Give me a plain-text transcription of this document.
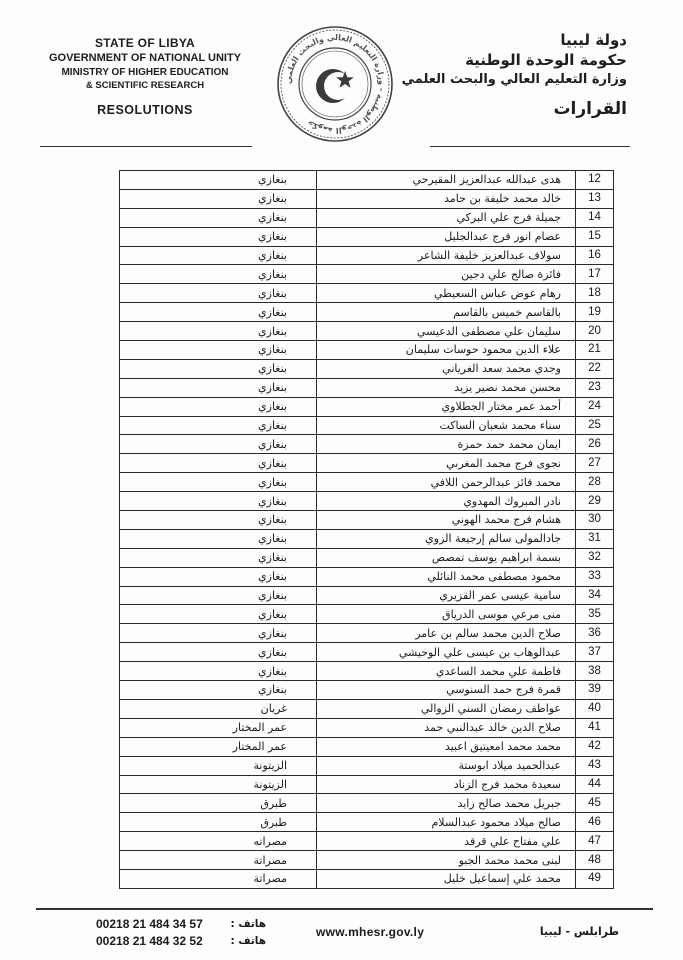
STATE OF LIBYA
GOVERNMENT OF NATIONAL UNITY
MINISTRY OF HIGHER EDUCATION
& SCIENTIFIC RESEARCH
RESOLUTIONS
حكومة الوحدة الوطنية - وزارة التعليم العالي والبحث العلمي
دولة ليبيا
حكومة الوحدة الوطنية
وزارة التعليم العالي والبحث العلمي
القرارات
12	هدى عبدالله عبدالعزيز المقيرحي	بنغازي
13	خالد محمد خليفة بن حامد	بنغازي
14	جميلة فرج علي البركي	بنغازي
15	عصام انور فرج عبدالجليل	بنغازي
16	سولاف عبدالعزيز خليفة الشاعر	بنغازي
17	فائزة صالح علي دجين	بنغازي
18	رهام عوض عباس السعيطي	بنغازي
19	بالقاسم خميس بالقاسم	بنغازي
20	سليمان علي مصطفى الدعيسي	بنغازي
21	علاء الدين محمود حوسات سليمان	بنغازي
22	وجدي محمد سعد الغرياني	بنغازي
23	محسن محمد نصير يزيد	بنغازي
24	أحمد عمر مختار الجطلاوي	بنغازي
25	سناء محمد شعبان الساكت	بنغازي
26	ايمان محمد حمد حمزة	بنغازي
27	نجوى فرج محمد المغربي	بنغازي
28	محمد فائز عبدالرحمن اللافي	بنغازي
29	نادر المبروك المهدوي	بنغازي
30	هشام فرج محمد الهوني	بنغازي
31	جادالمولى سالم إرجيعة الزوي	بنغازي
32	بسمة ابراهيم يوسف تمصص	بنغازي
33	محمود مصطفى محمد النائلي	بنغازي
34	سامية عيسى عمر القزيري	بنغازي
35	منى مرعي موسى الدرياق	بنغازي
36	صلاح الدين محمد سالم بن عامر	بنغازي
37	عبدالوهاب بن عيسى علي الوحيشي	بنغازي
38	فاطمة علي محمد الساعدي	بنغازي
39	قمرة فرج حمد السنوسي	بنغازي
40	عواطف رمضان السني الزوالي	غريان
41	صلاح الدين خالد عبدالنبي حمد	عمر المختار
42	محمد محمد امعيتيق اعبيد	عمر المختار
43	عبدالحميد ميلاد ابوستة	الزيتونة
44	سعيدة محمد فرج الزناد	الزيتونة
45	جبريل محمد صالح زايد	طبرق
46	صالح ميلاد محمود عبدالسلام	طبرق
47	علي مفتاح علي قرقد	مصراته
48	لبنى محمد محمد الجبو	مصراتة
49	محمد علي إسماعيل خليل	مصراتة
00218 21 484 34 57	هاتف :
00218 21 484 32 52	هاتف :
www.mhesr.gov.ly	طرابلس - ليبيا
